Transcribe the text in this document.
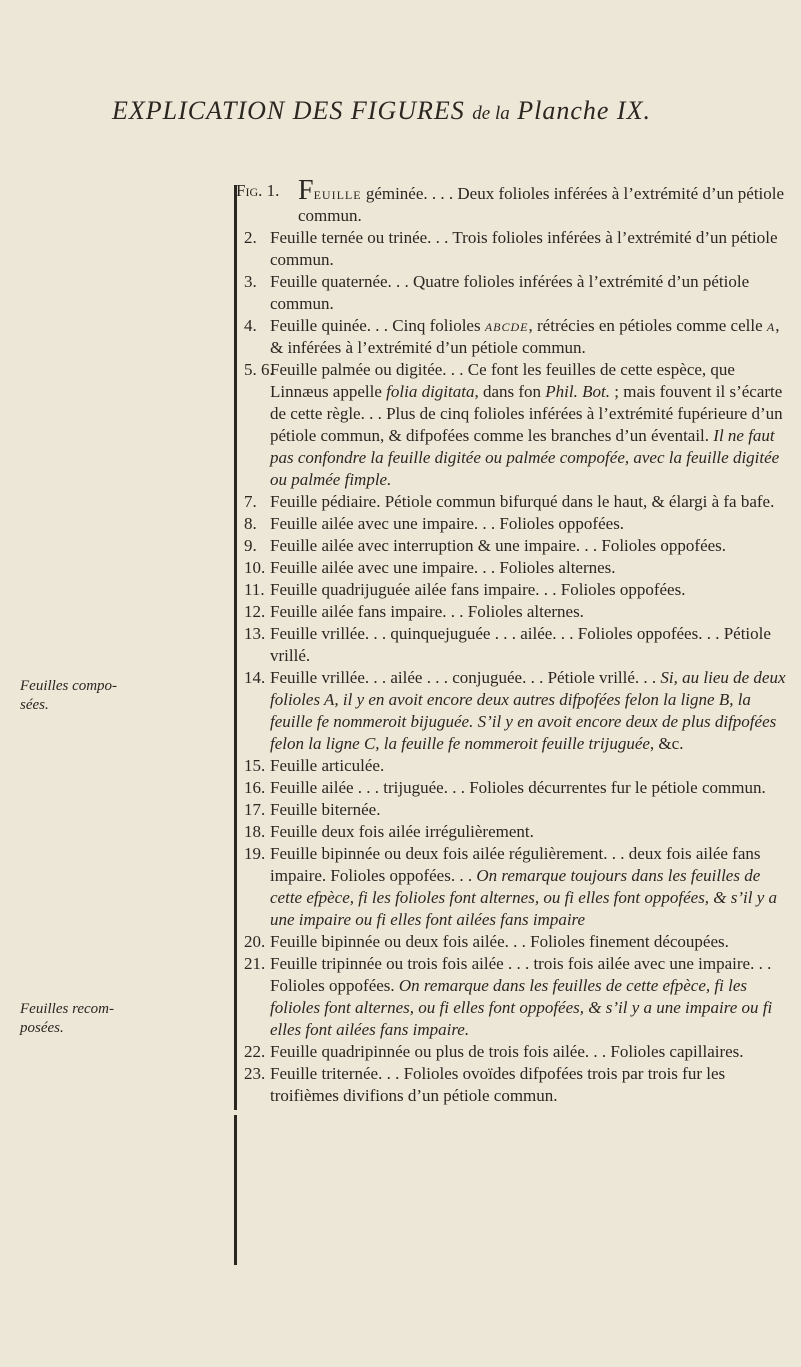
EXPLICATION DES FIGURES de la Planche IX.
Feuilles compo-
sées.
Feuilles recom-
posées.

Fig. 1. Feuille géminée. . . . Deux folioles inférées à l’extrémité d’un pétiole commun.

2. Feuille ternée ou trinée. . . Trois folioles inférées à l’extrémité d’un pétiole commun.

3. Feuille quaternée. . . Quatre folioles inférées à l’extrémité d’un pétiole commun.

4. Feuille quinée. . . Cinq folioles abcde, rétrécies en pétioles comme celle a, & inférées à l’extrémité d’un pétiole commun.

5. 6.
Feuille palmée ou digitée. . . Ce font les feuilles de cette espèce, que Linnæus appelle folia digitata, dans fon Phil. Bot. ; mais fouvent il s’écarte de cette règle. . . Plus de cinq folioles inférées à l’extrémité fupérieure d’un pétiole commun, & difpofées comme les branches d’un éventail. Il ne faut pas confondre la feuille digitée ou palmée compofée, avec la feuille digitée ou palmée fimple.

7. Feuille pédiaire. Pétiole commun bifurqué dans le haut, & élargi à fa bafe.

8. Feuille ailée avec une impaire. . . Folioles oppofées.

9. Feuille ailée avec interruption & une impaire. . . Folioles oppofées.

10. Feuille ailée avec une impaire. . . Folioles alternes.

11. Feuille quadrijuguée ailée fans impaire. . . Folioles oppofées.

12. Feuille ailée fans impaire. . . Folioles alternes.

13. Feuille vrillée. . . quinquejuguée . . . ailée. . . Folioles oppofées. . . Pétiole vrillé.

14. Feuille vrillée. . . ailée . . . conjuguée. . . Pétiole vrillé. . . Si, au lieu de deux folioles A, il y en avoit encore deux autres difpofées felon la ligne B, la feuille fe nommeroit bijuguée. S’il y en avoit encore deux de plus difpofées felon la ligne C, la feuille fe nommeroit feuille trijuguée, &c.

15. Feuille articulée.

16. Feuille ailée . . . trijuguée. . . Folioles décurrentes fur le pétiole commun.

17. Feuille biternée.

18. Feuille deux fois ailée irrégulièrement.

19. Feuille bipinnée ou deux fois ailée régulièrement. . . deux fois ailée fans impaire. Folioles oppofées. . . On remarque toujours dans les feuilles de cette efpèce, fi les folioles font alternes, ou fi elles font oppofées, & s’il y a une impaire ou fi elles font ailées fans impaire

20. Feuille bipinnée ou deux fois ailée. . . Folioles finement découpées.

21. Feuille tripinnée ou trois fois ailée . . . trois fois ailée avec une impaire. . . Folioles oppofées. On remarque dans les feuilles de cette efpèce, fi les folioles font alternes, ou fi elles font oppofées, & s’il y a une impaire ou fi elles font ailées fans impaire.

22. Feuille quadripinnée ou plus de trois fois ailée. . . Folioles capillaires.

23. Feuille triternée. . . Folioles ovoïdes difpofées trois par trois fur les troifièmes divifions d’un pétiole commun.
